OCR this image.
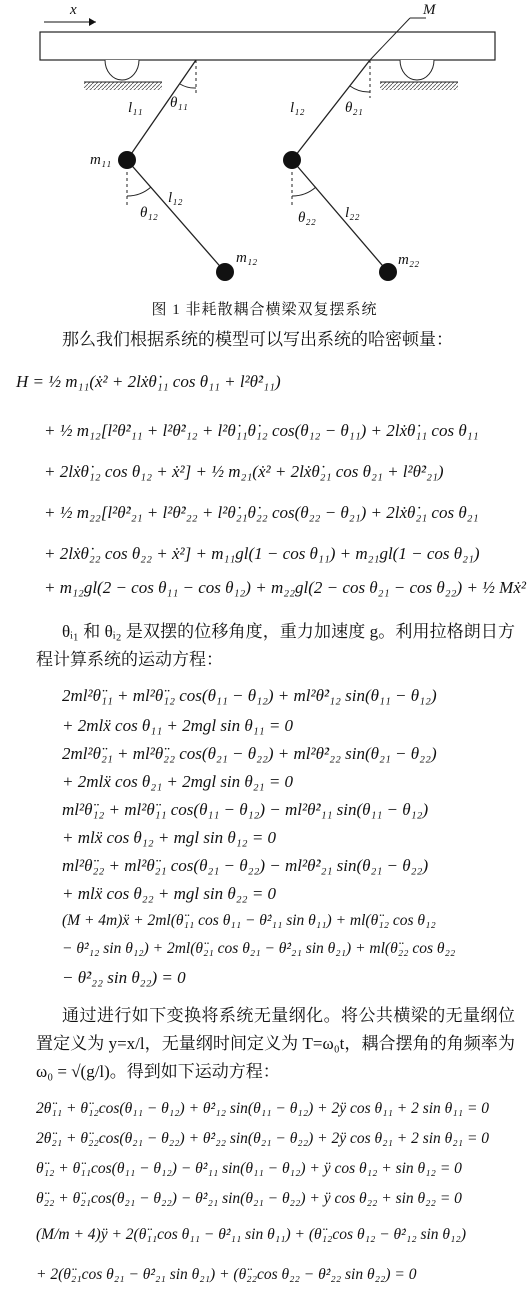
x	M
l₁₁ θ₁₁
m₁₁
l₁₂
θ₁₂
m₁₂
l₁₂	θ₂₁
l₂₂
θ₂₂
m₂₂
图 1 非耗散耦合横梁双复摆系统
那么我们根据系统的模型可以写出系统的哈密顿量：
H = ½ m₁₁(ẋ² + 2lẋθ̇₁₁ cos θ₁₁ + l²θ̇²₁₁)
+ ½ m₁₂[l²θ̇²₁₁ + l²θ̇²₁₂ + l²θ̇₁₁θ̇₁₂ cos(θ₁₂ − θ₁₁) + 2lẋθ̇₁₁ cos θ₁₁
+ 2lẋθ̇₁₂ cos θ₁₂ + ẋ²] + ½ m₂₁(ẋ² + 2lẋθ̇₂₁ cos θ₂₁ + l²θ̇²₂₁)
+ ½ m₂₂[l²θ̇²₂₁ + l²θ̇²₂₂ + l²θ̇₂₁θ̇₂₂ cos(θ₂₂ − θ₂₁) + 2lẋθ̇₂₁ cos θ₂₁
+ 2lẋθ̇₂₂ cos θ₂₂ + ẋ²] + m₁₁gl(1 − cos θ₁₁) + m₂₁gl(1 − cos θ₂₁)
+ m₁₂gl(2 − cos θ₁₁ − cos θ₁₂) + m₂₂gl(2 − cos θ₂₁ − cos θ₂₂) + ½ Mẋ²
θᵢ₁ 和 θᵢ₂ 是双摆的位移角度，重力加速度 g。利用拉格朗日方程计算系统的运动方程：
2ml²θ̈₁₁ + ml²θ̈₁₂ cos(θ₁₁ − θ₁₂) + ml²θ̇²₁₂ sin(θ₁₁ − θ₁₂)
+ 2mlẍ cos θ₁₁ + 2mgl sin θ₁₁ = 0
2ml²θ̈₂₁ + ml²θ̈₂₂ cos(θ₂₁ − θ₂₂) + ml²θ̇²₂₂ sin(θ₂₁ − θ₂₂)
+ 2mlẍ cos θ₂₁ + 2mgl sin θ₂₁ = 0
ml²θ̈₁₂ + ml²θ̈₁₁ cos(θ₁₁ − θ₁₂) − ml²θ̇²₁₁ sin(θ₁₁ − θ₁₂)
+ mlẍ cos θ₁₂ + mgl sin θ₁₂ = 0
ml²θ̈₂₂ + ml²θ̈₂₁ cos(θ₂₁ − θ₂₂) − ml²θ̇²₂₁ sin(θ₂₁ − θ₂₂)
+ mlẍ cos θ₂₂ + mgl sin θ₂₂ = 0
(M + 4m)ẍ + 2ml(θ̈₁₁ cos θ₁₁ − θ̇²₁₁ sin θ₁₁) + ml(θ̈₁₂ cos θ₁₂
− θ̇²₁₂ sin θ₁₂) + 2ml(θ̈₂₁ cos θ₂₁ − θ̇²₂₁ sin θ₂₁) + ml(θ̈₂₂ cos θ₂₂
− θ̇²₂₂ sin θ₂₂) = 0
通过进行如下变换将系统无量纲化。将公共横梁的无量纲位置定义为 y=x/l，无量纲时间定义为 T=ω₀t，耦合摆角的角频率为 ω₀ = √(g/l)。得到如下运动方程：
2θ̈₁₁ + θ̈₁₂cos(θ₁₁ − θ₁₂) + θ̇²₁₂ sin(θ₁₁ − θ₁₂) + 2ÿ cos θ₁₁ + 2 sin θ₁₁ = 0
2θ̈₂₁ + θ̈₂₂cos(θ₂₁ − θ₂₂) + θ̇²₂₂ sin(θ₂₁ − θ₂₂) + 2ÿ cos θ₂₁ + 2 sin θ₂₁ = 0
θ̈₁₂ + θ̈₁₁cos(θ₁₁ − θ₁₂) − θ̇²₁₁ sin(θ₁₁ − θ₁₂) + ÿ cos θ₁₂ + sin θ₁₂ = 0
θ̈₂₂ + θ̈₂₁cos(θ₂₁ − θ₂₂) − θ̇²₂₁ sin(θ₂₁ − θ₂₂) + ÿ cos θ₂₂ + sin θ₂₂ = 0
(M/m + 4)ÿ + 2(θ̈₁₁cos θ₁₁ − θ̇²₁₁ sin θ₁₁) + (θ̈₁₂cos θ₁₂ − θ̇²₁₂ sin θ₁₂)
+ 2(θ̈₂₁cos θ₂₁ − θ̇²₂₁ sin θ₂₁) + (θ̈₂₂cos θ₂₂ − θ̇²₂₂ sin θ₂₂) = 0
